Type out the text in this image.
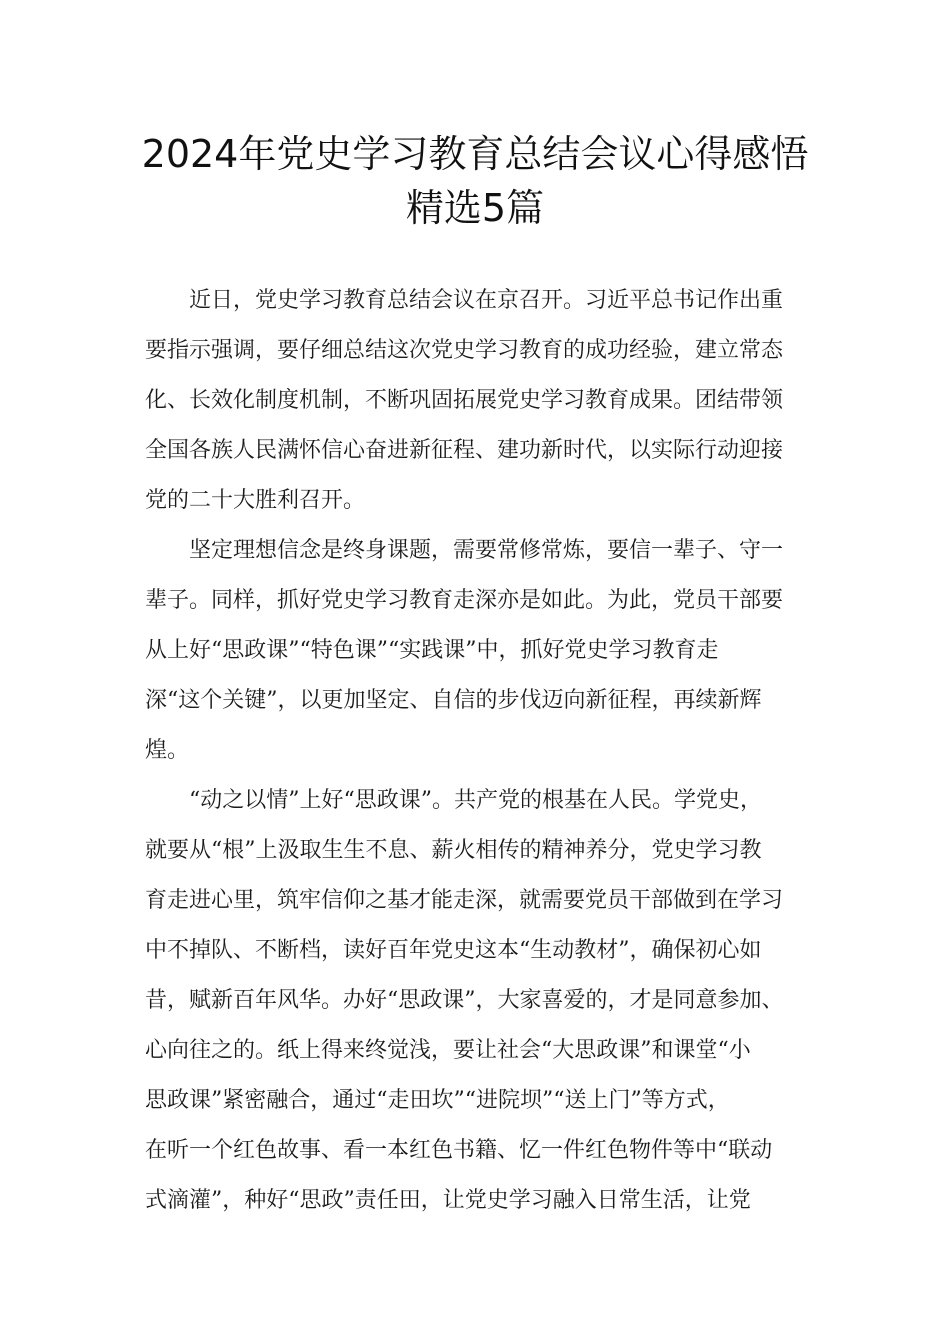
2024年党史学习教育总结会议心得感悟
精选5篇

　　近日，党史学习教育总结会议在京召开。习近平总书记作出重
要指示强调，要仔细总结这次党史学习教育的成功经验，建立常态
化、长效化制度机制，不断巩固拓展党史学习教育成果。团结带领
全国各族人民满怀信心奋进新征程、建功新时代，以实际行动迎接
党的二十大胜利召开。

　　坚定理想信念是终身课题，需要常修常炼，要信一辈子、守一
辈子。同样，抓好党史学习教育走深亦是如此。为此，党员干部要
从上好“思政课”“特色课”“实践课”中，抓好党史学习教育走
深“这个关键”，以更加坚定、自信的步伐迈向新征程，再续新辉
煌。

　　“动之以情”上好“思政课”。共产党的根基在人民。学党史，
就要从“根”上汲取生生不息、薪火相传的精神养分，党史学习教
育走进心里，筑牢信仰之基才能走深，就需要党员干部做到在学习
中不掉队、不断档，读好百年党史这本“生动教材”，确保初心如
昔，赋新百年风华。办好“思政课”，大家喜爱的，才是同意参加、
心向往之的。纸上得来终觉浅，要让社会“大思政课”和课堂“小
思政课”紧密融合，通过“走田坎”“进院坝”“送上门”等方式，
在听一个红色故事、看一本红色书籍、忆一件红色物件等中“联动
式滴灌”，种好“思政”责任田，让党史学习融入日常生活，让党
